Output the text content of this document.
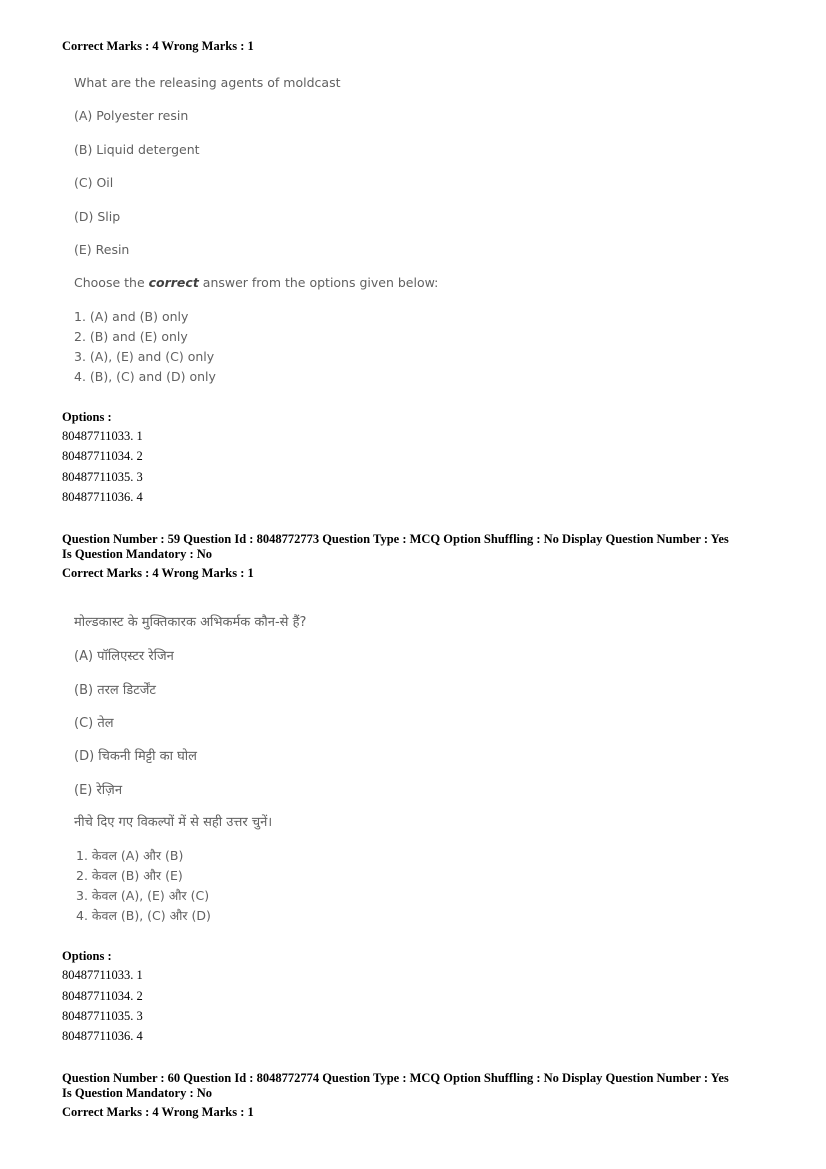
Correct Marks : 4 Wrong Marks : 1
What are the releasing agents of moldcast
(A) Polyester resin
(B) Liquid detergent
(C) Oil
(D) Slip
(E) Resin
Choose the correct answer from the options given below:
1. (A) and (B) only
2. (B) and (E) only
3. (A), (E) and (C) only
4. (B), (C) and (D) only
Options :
80487711033. 1
80487711034. 2
80487711035. 3
80487711036. 4
Question Number : 59 Question Id : 8048772773 Question Type : MCQ Option Shuffling : No Display Question Number : Yes
Is Question Mandatory : No
Correct Marks : 4 Wrong Marks : 1
मोल्डकास्ट के मुक्तिकारक अभिकर्मक कौन-से हैं?
(A) पॉलिएस्टर रेजिन
(B) तरल डिटर्जेंट
(C) तेल
(D) चिकनी मिट्टी का घोल
(E) रेज़िन
नीचे दिए गए विकल्पों में से सही उत्तर चुनें।
1. केवल (A) और (B)
2. केवल (B) और (E)
3. केवल (A), (E) और (C)
4. केवल (B), (C) और (D)
Options :
80487711033. 1
80487711034. 2
80487711035. 3
80487711036. 4
Question Number : 60 Question Id : 8048772774 Question Type : MCQ Option Shuffling : No Display Question Number : Yes
Is Question Mandatory : No
Correct Marks : 4 Wrong Marks : 1
